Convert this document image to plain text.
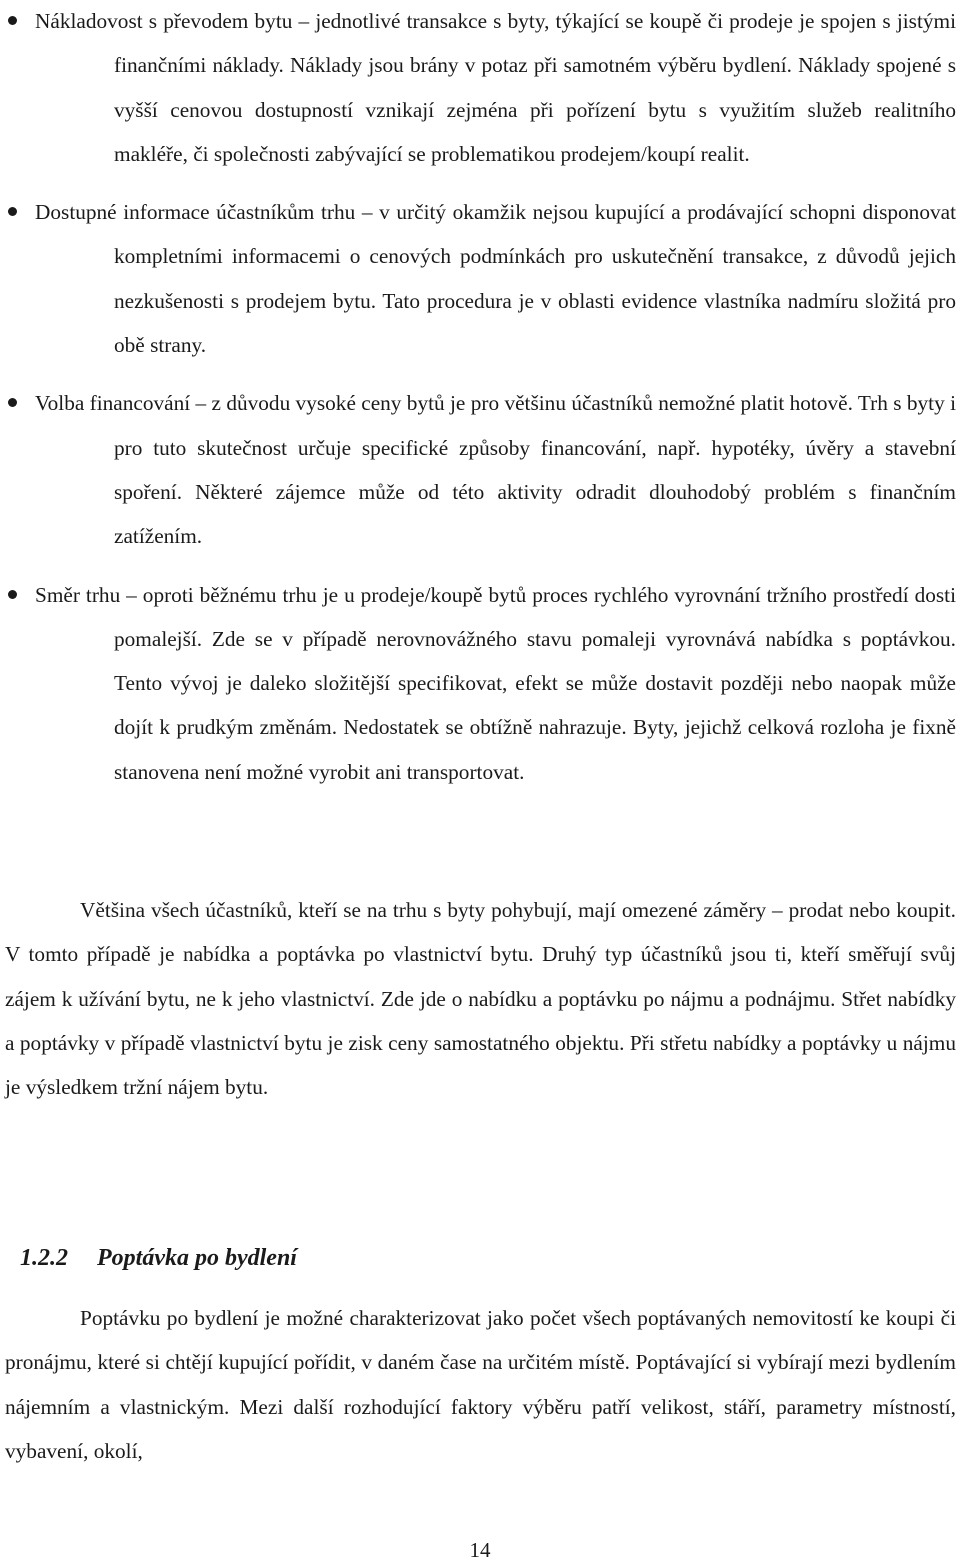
Nákladovost s převodem bytu – jednotlivé transakce s byty, týkající se koupě či prodeje je spojen s jistými finančními náklady. Náklady jsou brány v potaz při samotném výběru bydlení. Náklady spojené s vyšší cenovou dostupností vznikají zejména při pořízení bytu s využitím služeb realitního makléře, či společnosti zabývající se problematikou prodejem/koupí realit.
Dostupné informace účastníkům trhu – v určitý okamžik nejsou kupující a prodávající schopni disponovat kompletními informacemi o cenových podmínkách pro uskutečnění transakce, z důvodů jejich nezkušenosti s prodejem bytu. Tato procedura je v oblasti evidence vlastníka nadmíru složitá pro obě strany.
Volba financování – z důvodu vysoké ceny bytů je pro většinu účastníků nemožné platit hotově. Trh s byty i pro tuto skutečnost určuje specifické způsoby financování, např. hypotéky, úvěry a stavební spoření. Některé zájemce může od této aktivity odradit dlouhodobý problém s finančním zatížením.
Směr trhu – oproti běžnému trhu je u prodeje/koupě bytů proces rychlého vyrovnání tržního prostředí dosti pomalejší. Zde se v případě nerovnovážného stavu pomaleji vyrovnává nabídka s poptávkou. Tento vývoj je daleko složitější specifikovat, efekt se může dostavit později nebo naopak může dojít k prudkým změnám. Nedostatek se obtížně nahrazuje. Byty, jejichž celková rozloha je fixně stanovena není možné vyrobit ani transportovat.

Většina všech účastníků, kteří se na trhu s byty pohybují, mají omezené záměry – prodat nebo koupit. V tomto případě je nabídka a poptávka po vlastnictví bytu. Druhý typ účastníků jsou ti, kteří směřují svůj zájem k užívání bytu, ne k jeho vlastnictví. Zde jde o nabídku a poptávku po nájmu a podnájmu. Střet nabídky a poptávky v případě vlastnictví bytu je zisk ceny samostatného objektu. Při střetu nabídky a poptávky u nájmu je výsledkem tržní nájem bytu.

1.2.2 Poptávka po bydlení

Poptávku po bydlení je možné charakterizovat jako počet všech poptávaných nemovitostí ke koupi či pronájmu, které si chtějí kupující pořídit, v daném čase na určitém místě. Poptávající si vybírají mezi bydlením nájemním a vlastnickým. Mezi další rozhodující faktory výběru patří velikost, stáří, parametry místností, vybavení, okolí,

14
